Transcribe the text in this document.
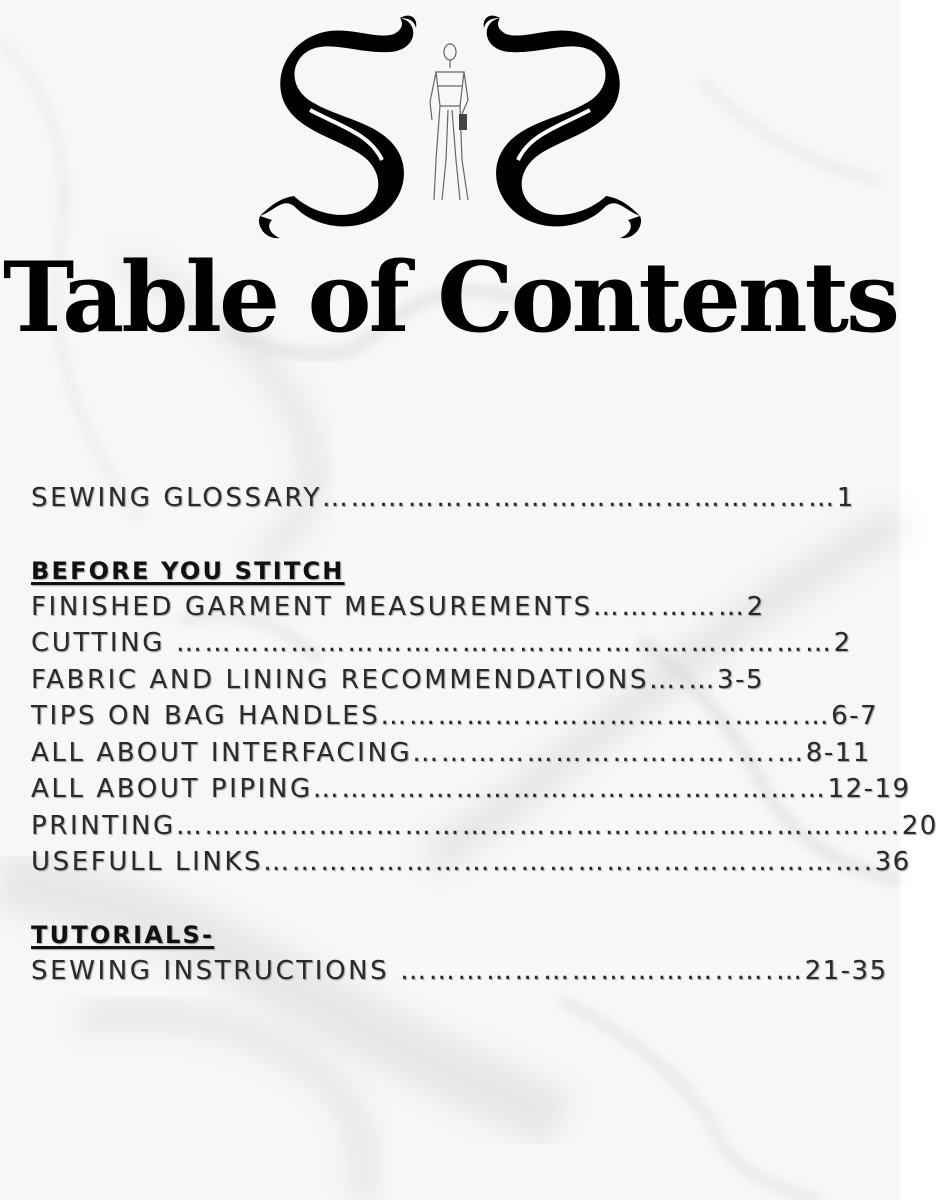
Table of Contents
SEWING GLOSSARY………………………………………………1
BEFORE YOU STITCH
FINISHED GARMENT MEASUREMENTS…….………2
CUTTING ……………………………………………………………2
FABRIC AND LINING RECOMMENDATIONS….…3-5
TIPS ON BAG HANDLES……………………………….…….…6-7
ALL ABOUT INTERFACING…………………………….….…8-11
ALL ABOUT PIPING………………………………………………12-19
PRINTING………………………………………………………………….20
USEFULL LINKS……………………………………………………….36
TUTORIALS-
SEWING INSTRUCTIONS ……………………………..….…21-35
